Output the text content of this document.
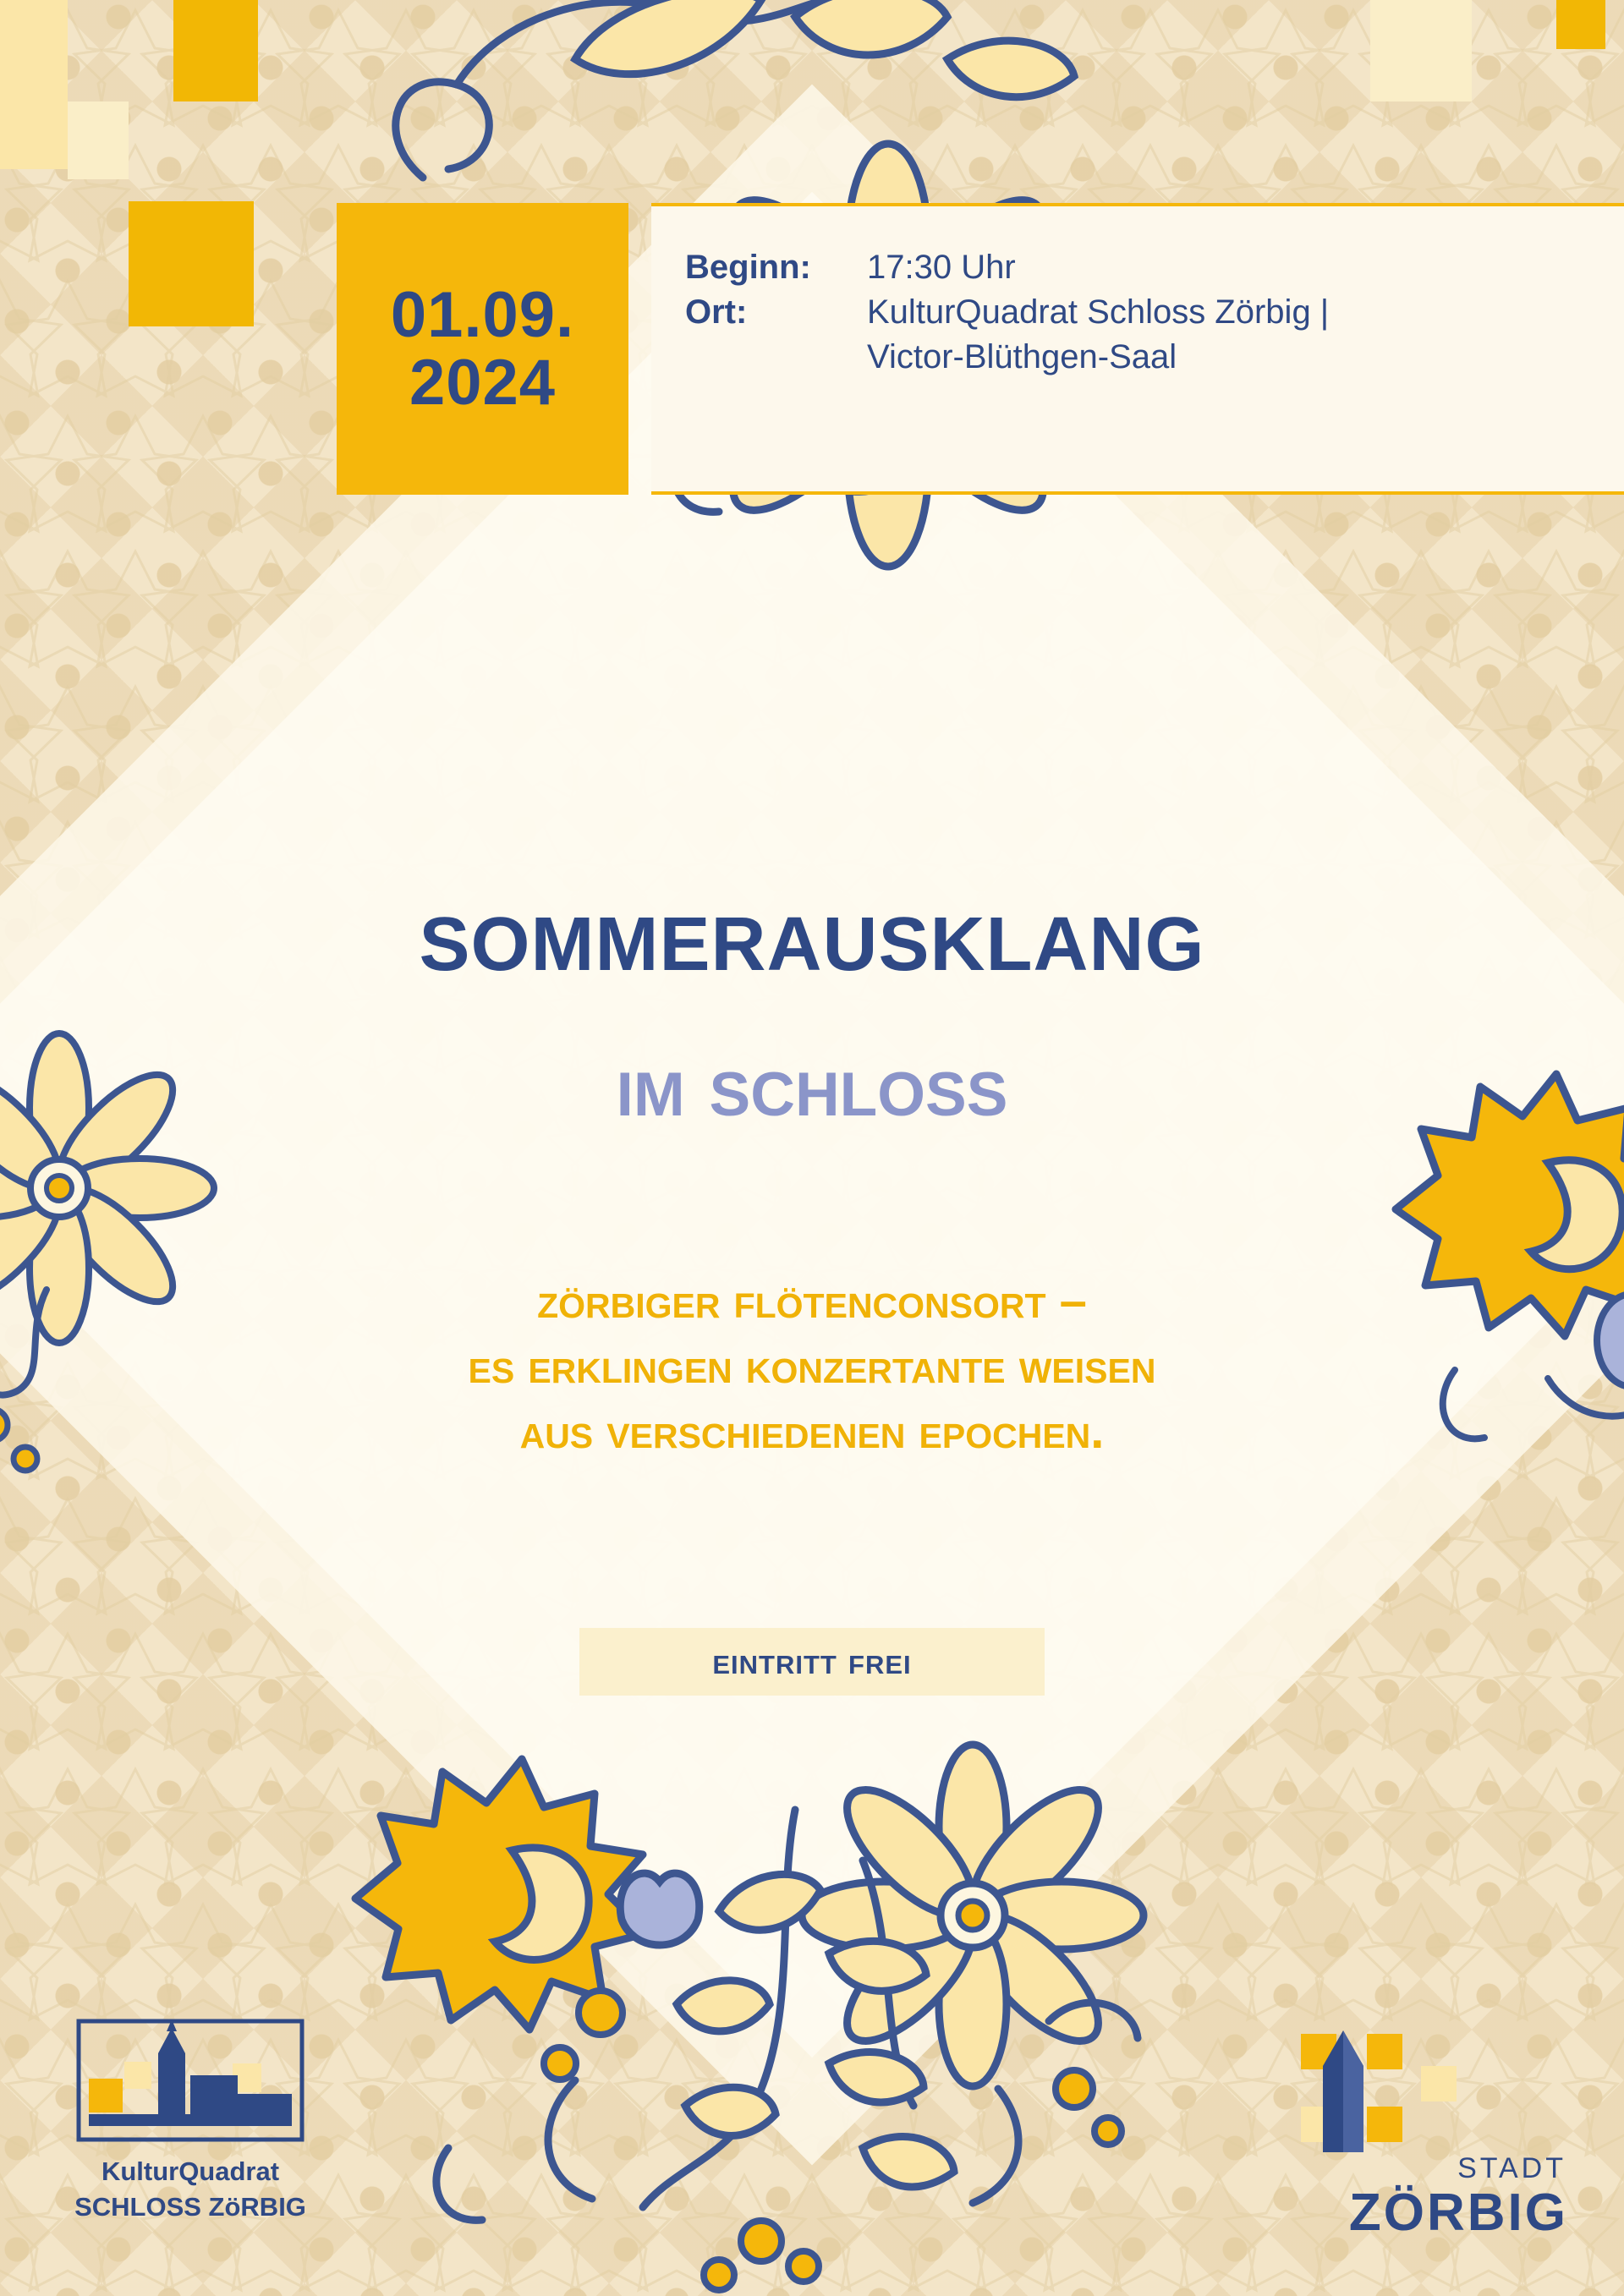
01.09.
2024
Beginn:	17:30 Uhr
Ort:	KulturQuadrat Schloss Zörbig |
Victor-Blüthgen-Saal
sommerausklang
im schloss
zörbiger flötenconsort –
es erklingen konzertante weisen
aus verschiedenen epochen.
eintritt frei
KulturQuadrat
SCHLOSS ZöRBIG
STADT
ZÖRBIG
